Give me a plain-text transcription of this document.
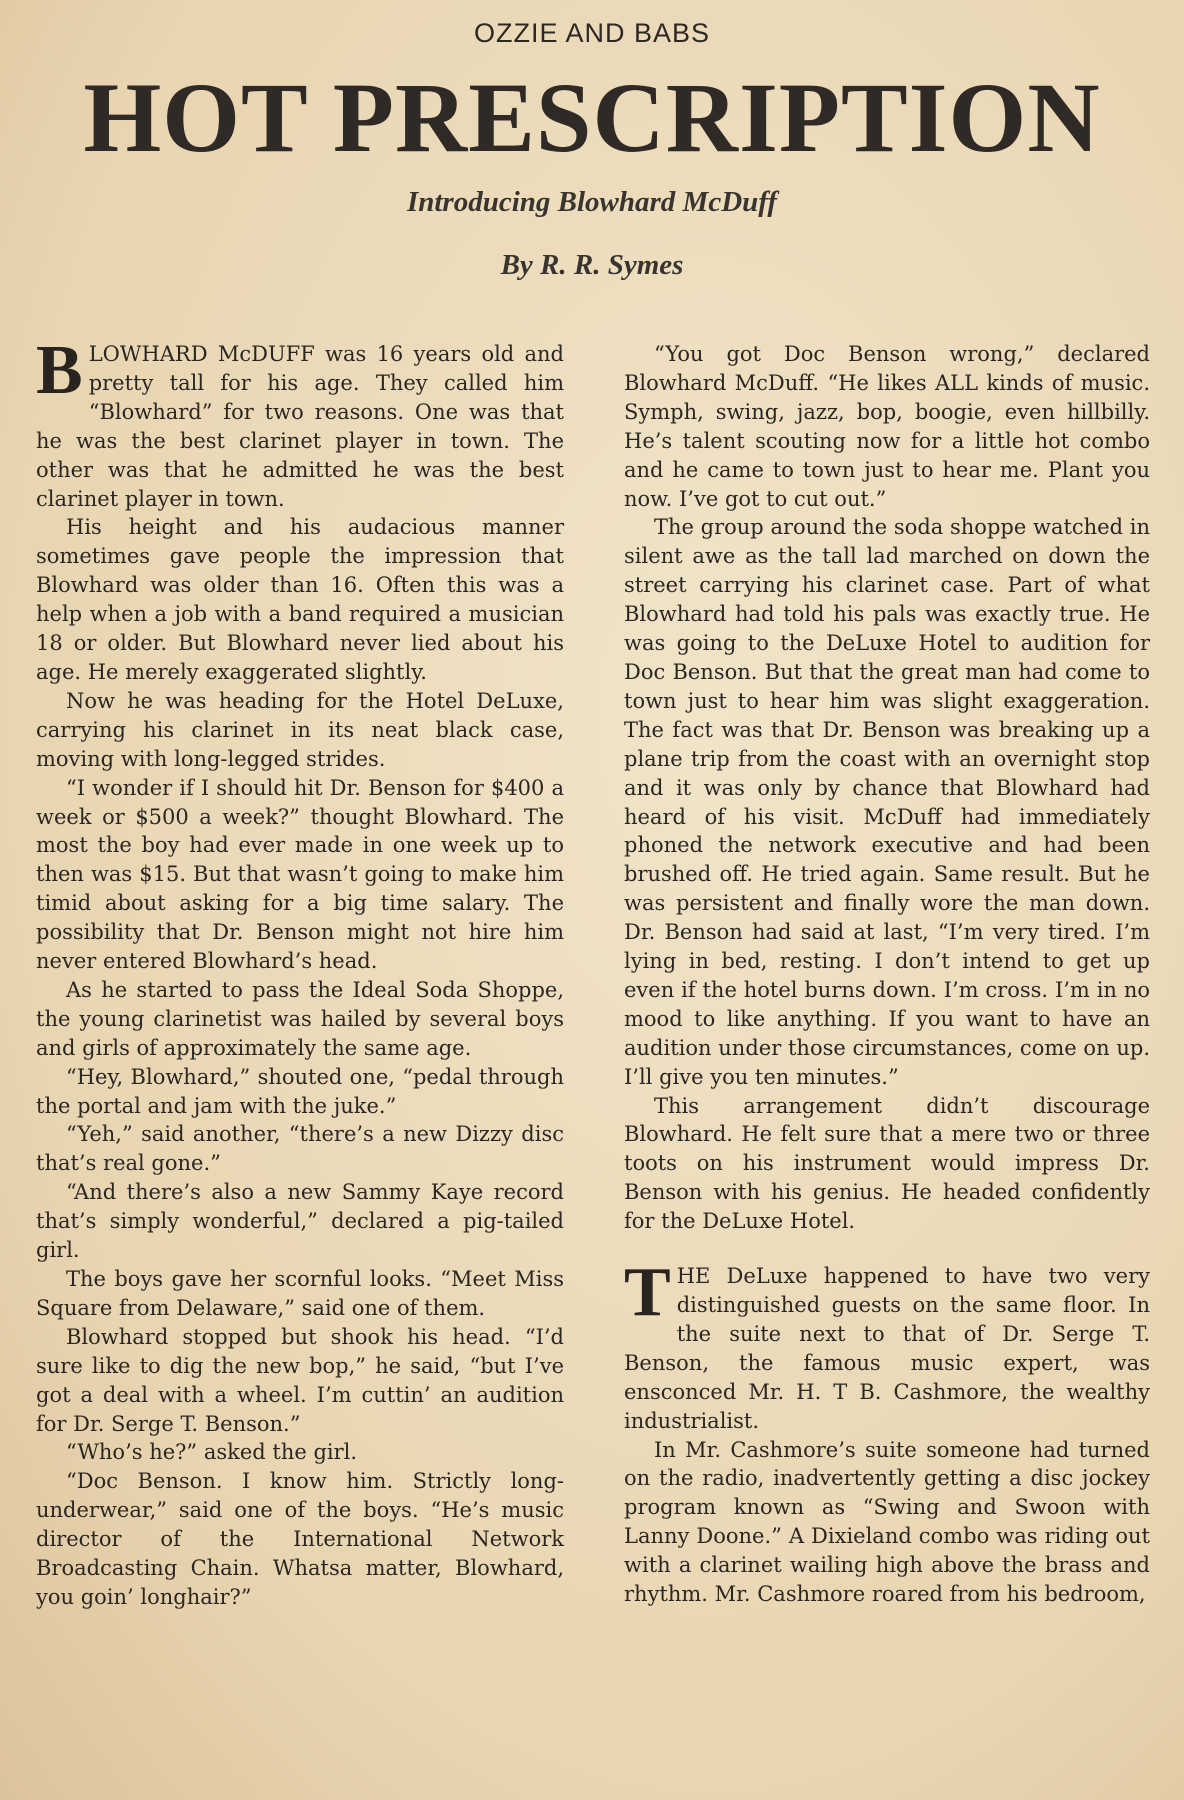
OZZIE AND BABS
HOT PRESCRIPTION
Introducing Blowhard McDuff
By R. R. Symes

BLOWHARD McDUFF was 16 years old and pretty tall for his age. They called him “Blowhard” for two reasons. One was that he was the best clarinet player in town. The other was that he admitted he was the best clarinet player in town.

His height and his audacious manner sometimes gave people the impression that Blowhard was older than 16. Often this was a help when a job with a band required a musician 18 or older. But Blowhard never lied about his age. He merely exaggerated slightly.

Now he was heading for the Hotel DeLuxe, carrying his clarinet in its neat black case, moving with long-legged strides.

“I wonder if I should hit Dr. Benson for $400 a week or $500 a week?” thought Blowhard. The most the boy had ever made in one week up to then was $15. But that wasn’t going to make him timid about asking for a big time salary. The possibility that Dr. Benson might not hire him never entered Blowhard’s head.

As he started to pass the Ideal Soda Shoppe, the young clarinetist was hailed by several boys and girls of approximately the same age.

“Hey, Blowhard,” shouted one, “pedal through the portal and jam with the juke.”

“Yeh,” said another, “there’s a new Dizzy disc that’s real gone.”

“And there’s also a new Sammy Kaye record that’s simply wonderful,” declared a pig-tailed girl.

The boys gave her scornful looks. “Meet Miss Square from Delaware,” said one of them.

Blowhard stopped but shook his head. “I’d sure like to dig the new bop,” he said, “but I’ve got a deal with a wheel. I’m cuttin’ an audition for Dr. Serge T. Benson.”

“Who’s he?” asked the girl.

“Doc Benson. I know him. Strictly long-underwear,” said one of the boys. “He’s music director of the International Network Broadcasting Chain. Whatsa matter, Blowhard, you goin’ longhair?”

“You got Doc Benson wrong,” declared Blowhard McDuff. “He likes ALL kinds of music. Symph, swing, jazz, bop, boogie, even hillbilly. He’s talent scouting now for a little hot combo and he came to town just to hear me. Plant you now. I’ve got to cut out.”

The group around the soda shoppe watched in silent awe as the tall lad marched on down the street carrying his clarinet case. Part of what Blowhard had told his pals was exactly true. He was going to the DeLuxe Hotel to audition for Doc Benson. But that the great man had come to town just to hear him was slight exaggeration. The fact was that Dr. Benson was breaking up a plane trip from the coast with an overnight stop and it was only by chance that Blowhard had heard of his visit. McDuff had immediately phoned the network executive and had been brushed off. He tried again. Same result. But he was persistent and finally wore the man down. Dr. Benson had said at last, “I’m very tired. I’m lying in bed, resting. I don’t intend to get up even if the hotel burns down. I’m cross. I’m in no mood to like anything. If you want to have an audition under those circumstances, come on up. I’ll give you ten minutes.”

This arrangement didn’t discourage Blowhard. He felt sure that a mere two or three toots on his instrument would impress Dr. Benson with his genius. He headed confidently for the DeLuxe Hotel.

THE DeLuxe happened to have two very distinguished guests on the same floor. In the suite next to that of Dr. Serge T. Benson, the famous music expert, was ensconced Mr. H. T B. Cashmore, the wealthy industrialist.

In Mr. Cashmore’s suite someone had turned on the radio, inadvertently getting a disc jockey program known as “Swing and Swoon with Lanny Doone.” A Dixieland combo was riding out with a clarinet wailing high above the brass and rhythm. Mr. Cashmore roared from his bedroom,
